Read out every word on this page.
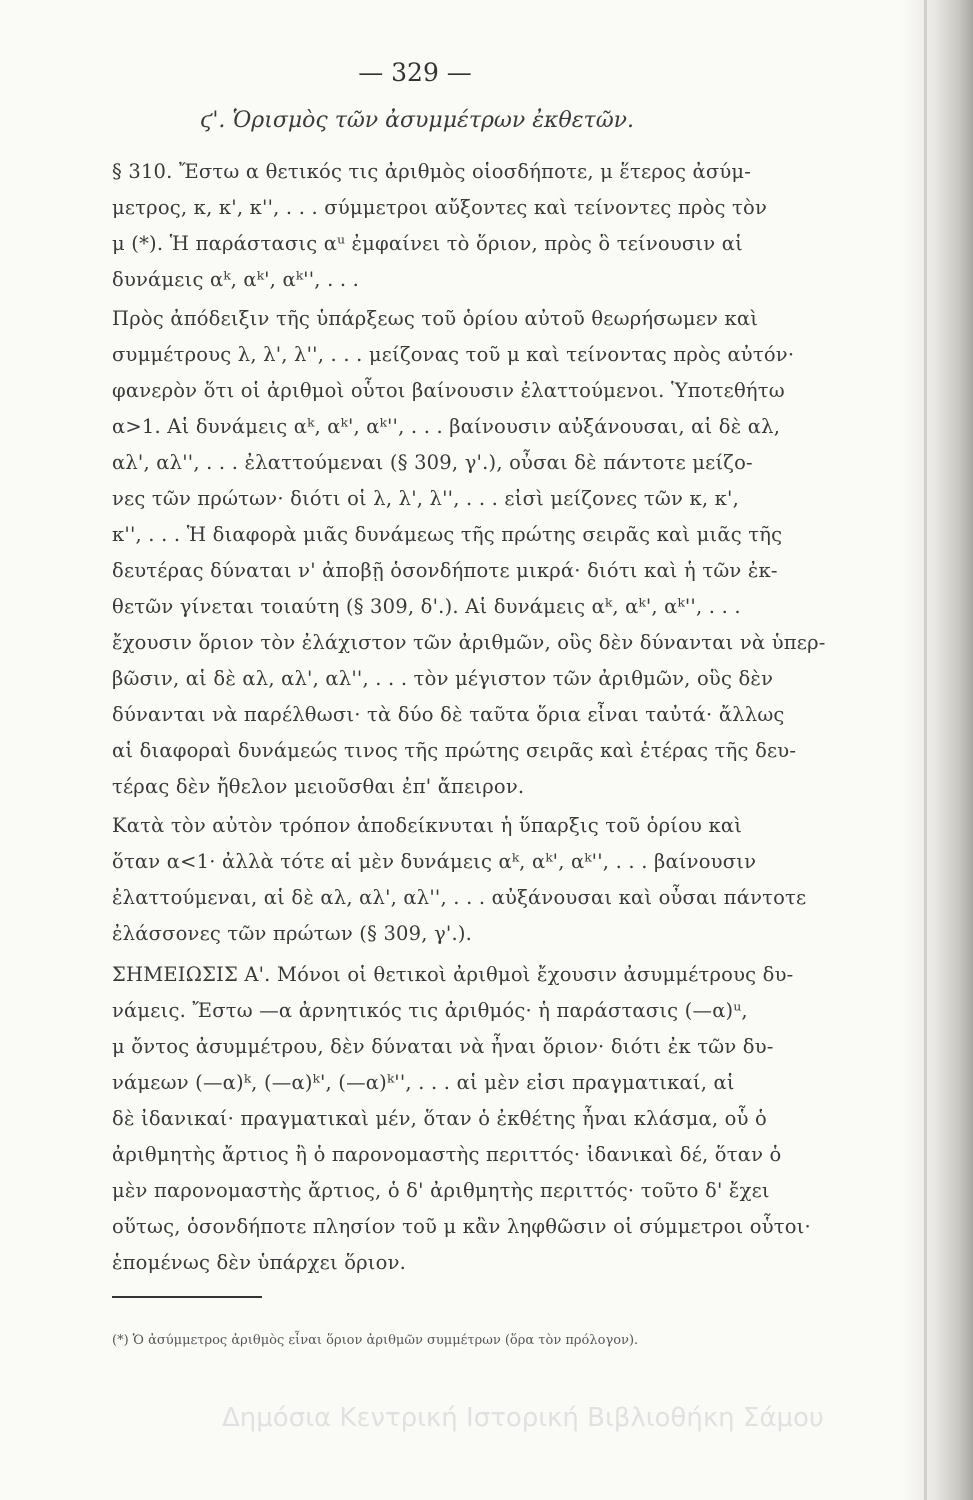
— 329 —
ϛ'. Ὁρισμὸς τῶν ἀσυμμέτρων ἐκθετῶν.
§ 310. Ἔστω α θετικός τις ἀριθμὸς οἱοσδήποτε, μ ἕτερος ἀσύμ-
μετρος, κ, κ', κ'', . . . σύμμετροι αὔξοντες καὶ τείνοντες πρὸς τὸν
μ (*). Ἡ παράστασις αᵘ ἐμφαίνει τὸ ὅριον, πρὸς ὃ τείνουσιν αἱ
δυνάμεις αᵏ, αᵏ', αᵏ'', . . .
Πρὸς ἀπόδειξιν τῆς ὑπάρξεως τοῦ ὁρίου αὐτοῦ θεωρήσωμεν καὶ
συμμέτρους λ, λ', λ'', . . . μείζονας τοῦ μ καὶ τείνοντας πρὸς αὐτόν·
φανερὸν ὅτι οἱ ἀριθμοὶ οὗτοι βαίνουσιν ἐλαττούμενοι. Ὑποτεθήτω
α>1. Αἱ δυνάμεις αᵏ, αᵏ', αᵏ'', . . . βαίνουσιν αὐξάνουσαι, αἱ δὲ αλ,
αλ', αλ'', . . . ἐλαττούμεναι (§ 309, γ'.), οὖσαι δὲ πάντοτε μείζο-
νες τῶν πρώτων· διότι οἱ λ, λ', λ'', . . . εἰσὶ μείζονες τῶν κ, κ',
κ'', . . . Ἡ διαφορὰ μιᾶς δυνάμεως τῆς πρώτης σειρᾶς καὶ μιᾶς τῆς
δευτέρας δύναται ν' ἀποβῇ ὁσονδήποτε μικρά· διότι καὶ ἡ τῶν ἐκ-
θετῶν γίνεται τοιαύτη (§ 309, δ'.). Αἱ δυνάμεις αᵏ, αᵏ', αᵏ'', . . .
ἔχουσιν ὅριον τὸν ἐλάχιστον τῶν ἀριθμῶν, οὓς δὲν δύνανται νὰ ὑπερ-
βῶσιν, αἱ δὲ αλ, αλ', αλ'', . . . τὸν μέγιστον τῶν ἀριθμῶν, οὓς δὲν
δύνανται νὰ παρέλθωσι· τὰ δύο δὲ ταῦτα ὅρια εἶναι ταὐτά· ἄλλως
αἱ διαφοραὶ δυνάμεώς τινος τῆς πρώτης σειρᾶς καὶ ἑτέρας τῆς δευ-
τέρας δὲν ἤθελον μειοῦσθαι ἐπ' ἄπειρον.
Κατὰ τὸν αὐτὸν τρόπον ἀποδείκνυται ἡ ὕπαρξις τοῦ ὁρίου καὶ
ὅταν α<1· ἀλλὰ τότε αἱ μὲν δυνάμεις αᵏ, αᵏ', αᵏ'', . . . βαίνουσιν
ἐλαττούμεναι, αἱ δὲ αλ, αλ', αλ'', . . . αὐξάνουσαι καὶ οὖσαι πάντοτε
ἐλάσσονες τῶν πρώτων (§ 309, γ'.).
ΣΗΜΕΙΩΣΙΣ Α'. Μόνοι οἱ θετικοὶ ἀριθμοὶ ἔχουσιν ἀσυμμέτρους δυ-
νάμεις. Ἔστω —α ἀρνητικός τις ἀριθμός· ἡ παράστασις (—α)ᵘ,
μ ὄντος ἀσυμμέτρου, δὲν δύναται νὰ ἦναι ὅριον· διότι ἐκ τῶν δυ-
νάμεων (—α)ᵏ, (—α)ᵏ', (—α)ᵏ'', . . . αἱ μὲν εἰσι πραγματικαί, αἱ
δὲ ἰδανικαί· πραγματικαὶ μέν, ὅταν ὁ ἐκθέτης ἦναι κλάσμα, οὗ ὁ
ἀριθμητὴς ἄρτιος ἢ ὁ παρονομαστὴς περιττός· ἰδανικαὶ δέ, ὅταν ὁ
μὲν παρονομαστὴς ἄρτιος, ὁ δ' ἀριθμητὴς περιττός· τοῦτο δ' ἔχει
οὕτως, ὁσονδήποτε πλησίον τοῦ μ κἂν ληφθῶσιν οἱ σύμμετροι οὗτοι·
ἑπομένως δὲν ὑπάρχει ὅριον.
(*) Ὁ ἀσύμμετρος ἀριθμὸς εἶναι ὅριον ἀριθμῶν συμμέτρων (ὅρα τὸν πρόλογον).
Δημόσια Κεντρική Ιστορική Βιβλιοθήκη Σάμου
